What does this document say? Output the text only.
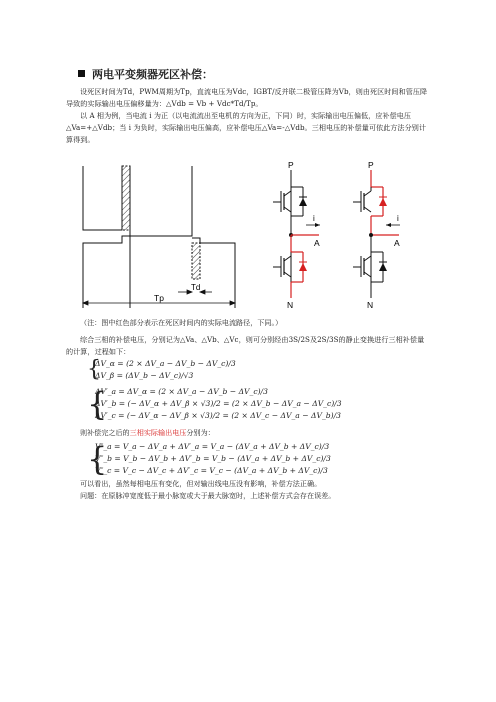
两电平变频器死区补偿：
设死区时间为Td，PWM周期为Tp，直流电压为Vdc，IGBT/反并联二极管压降为Vb，则由死区时间和管压降导致的实际输出电压偏移量为：△Vdb = Vb + Vdc*Td/Tp。
以 A 相为例，当电流 i 为正（以电流流出至电机的方向为正，下同）时，实际输出电压偏低，应补偿电压△Va=+△Vdb；当 i 为负时，实际输出电压偏高，应补偿电压△Va=-△Vdb。三相电压的补偿量可依此方法分别计算得到。
Tp
Td
P
i
A
N
P
i
A
N
（注：图中红色部分表示在死区时间内的实际电流路径，下同。）
综合三相的补偿电压，分别记为△Va、△Vb、△Vc，则可分别经由3S/2S及2S/3S的静止变换进行三相补偿量的计算，过程如下：
{
ΔV_α = (2 × ΔV_a − ΔV_b − ΔV_c)/3
ΔV_β = (ΔV_b − ΔV_c)/√3
{
ΔV′_a = ΔV_α = (2 × ΔV_a − ΔV_b − ΔV_c)/3
ΔV′_b = (− ΔV_α + ΔV_β × √3)/2 = (2 × ΔV_b − ΔV_a − ΔV_c)/3
ΔV′_c = (− ΔV_α − ΔV_β × √3)/2 = (2 × ΔV_c − ΔV_a − ΔV_b)/3
则补偿完之后的三相实际输出电压分别为：
{
V″_a = V_a − ΔV_a + ΔV′_a = V_a − (ΔV_a + ΔV_b + ΔV_c)/3
V″_b = V_b − ΔV_b + ΔV′_b = V_b − (ΔV_a + ΔV_b + ΔV_c)/3
V″_c = V_c − ΔV_c + ΔV′_c = V_c − (ΔV_a + ΔV_b + ΔV_c)/3
可以看出，虽然每相电压有变化，但对输出线电压没有影响，补偿方法正确。
问题：在原脉冲宽度低于最小脉宽或大于最大脉宽时，上述补偿方式会存在误差。
